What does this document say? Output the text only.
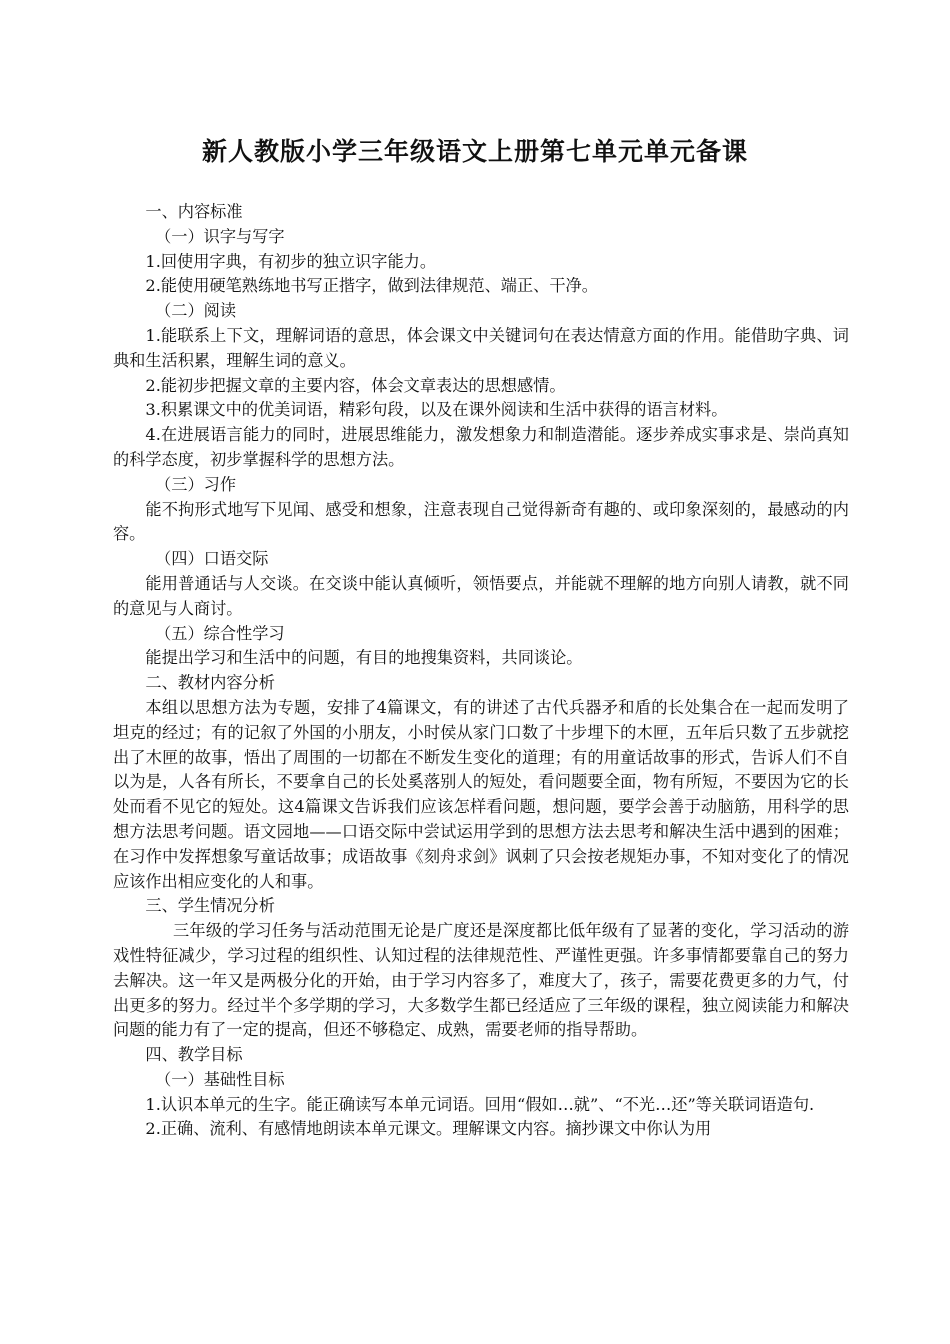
新人教版小学三年级语文上册第七单元单元备课

一、内容标准

（一）识字与写字

1.回使用字典，有初步的独立识字能力。

2.能使用硬笔熟练地书写正揩字，做到法律规范、端正、干净。

（二）阅读

1.能联系上下文，理解词语的意思，体会课文中关键词句在表达情意方面的作用。能借助字典、词典和生活积累，理解生词的意义。

2.能初步把握文章的主要内容，体会文章表达的思想感情。

3.积累课文中的优美词语，精彩句段，以及在课外阅读和生活中获得的语言材料。

4.在进展语言能力的同时，进展思维能力，激发想象力和制造潜能。逐步养成实事求是、崇尚真知的科学态度，初步掌握科学的思想方法。

（三）习作

能不拘形式地写下见闻、感受和想象，注意表现自己觉得新奇有趣的、或印象深刻的，最感动的内容。

（四）口语交际

能用普通话与人交谈。在交谈中能认真倾听，领悟要点，并能就不理解的地方向别人请教，就不同的意见与人商讨。

（五）综合性学习

能提出学习和生活中的问题，有目的地搜集资料，共同谈论。

二、教材内容分析

本组以思想方法为专题，安排了4篇课文，有的讲述了古代兵器矛和盾的长处集合在一起而发明了坦克的经过；有的记叙了外国的小朋友，小时侯从家门口数了十步埋下的木匣，五年后只数了五步就挖出了木匣的故事，悟出了周围的一切都在不断发生变化的道理；有的用童话故事的形式，告诉人们不自以为是，人各有所长，不要拿自己的长处奚落别人的短处，看问题要全面，物有所短，不要因为它的长处而看不见它的短处。这4篇课文告诉我们应该怎样看问题，想问题，要学会善于动脑筋，用科学的思想方法思考问题。语文园地——口语交际中尝试运用学到的思想方法去思考和解决生活中遇到的困难；在习作中发挥想象写童话故事；成语故事《刻舟求剑》讽刺了只会按老规矩办事，不知对变化了的情况应该作出相应变化的人和事。

三、学生情况分析

三年级的学习任务与活动范围无论是广度还是深度都比低年级有了显著的变化，学习活动的游戏性特征减少，学习过程的组织性、认知过程的法律规范性、严谨性更强。许多事情都要靠自己的努力去解决。这一年又是两极分化的开始，由于学习内容多了，难度大了，孩子，需要花费更多的力气，付出更多的努力。经过半个多学期的学习，大多数学生都已经适应了三年级的课程，独立阅读能力和解决问题的能力有了一定的提高，但还不够稳定、成熟，需要老师的指导帮助。

四、教学目标

（一）基础性目标

1.认识本单元的生字。能正确读写本单元词语。回用“假如…就”、“不光…还”等关联词语造句.

2.正确、流利、有感情地朗读本单元课文。理解课文内容。摘抄课文中你认为用
